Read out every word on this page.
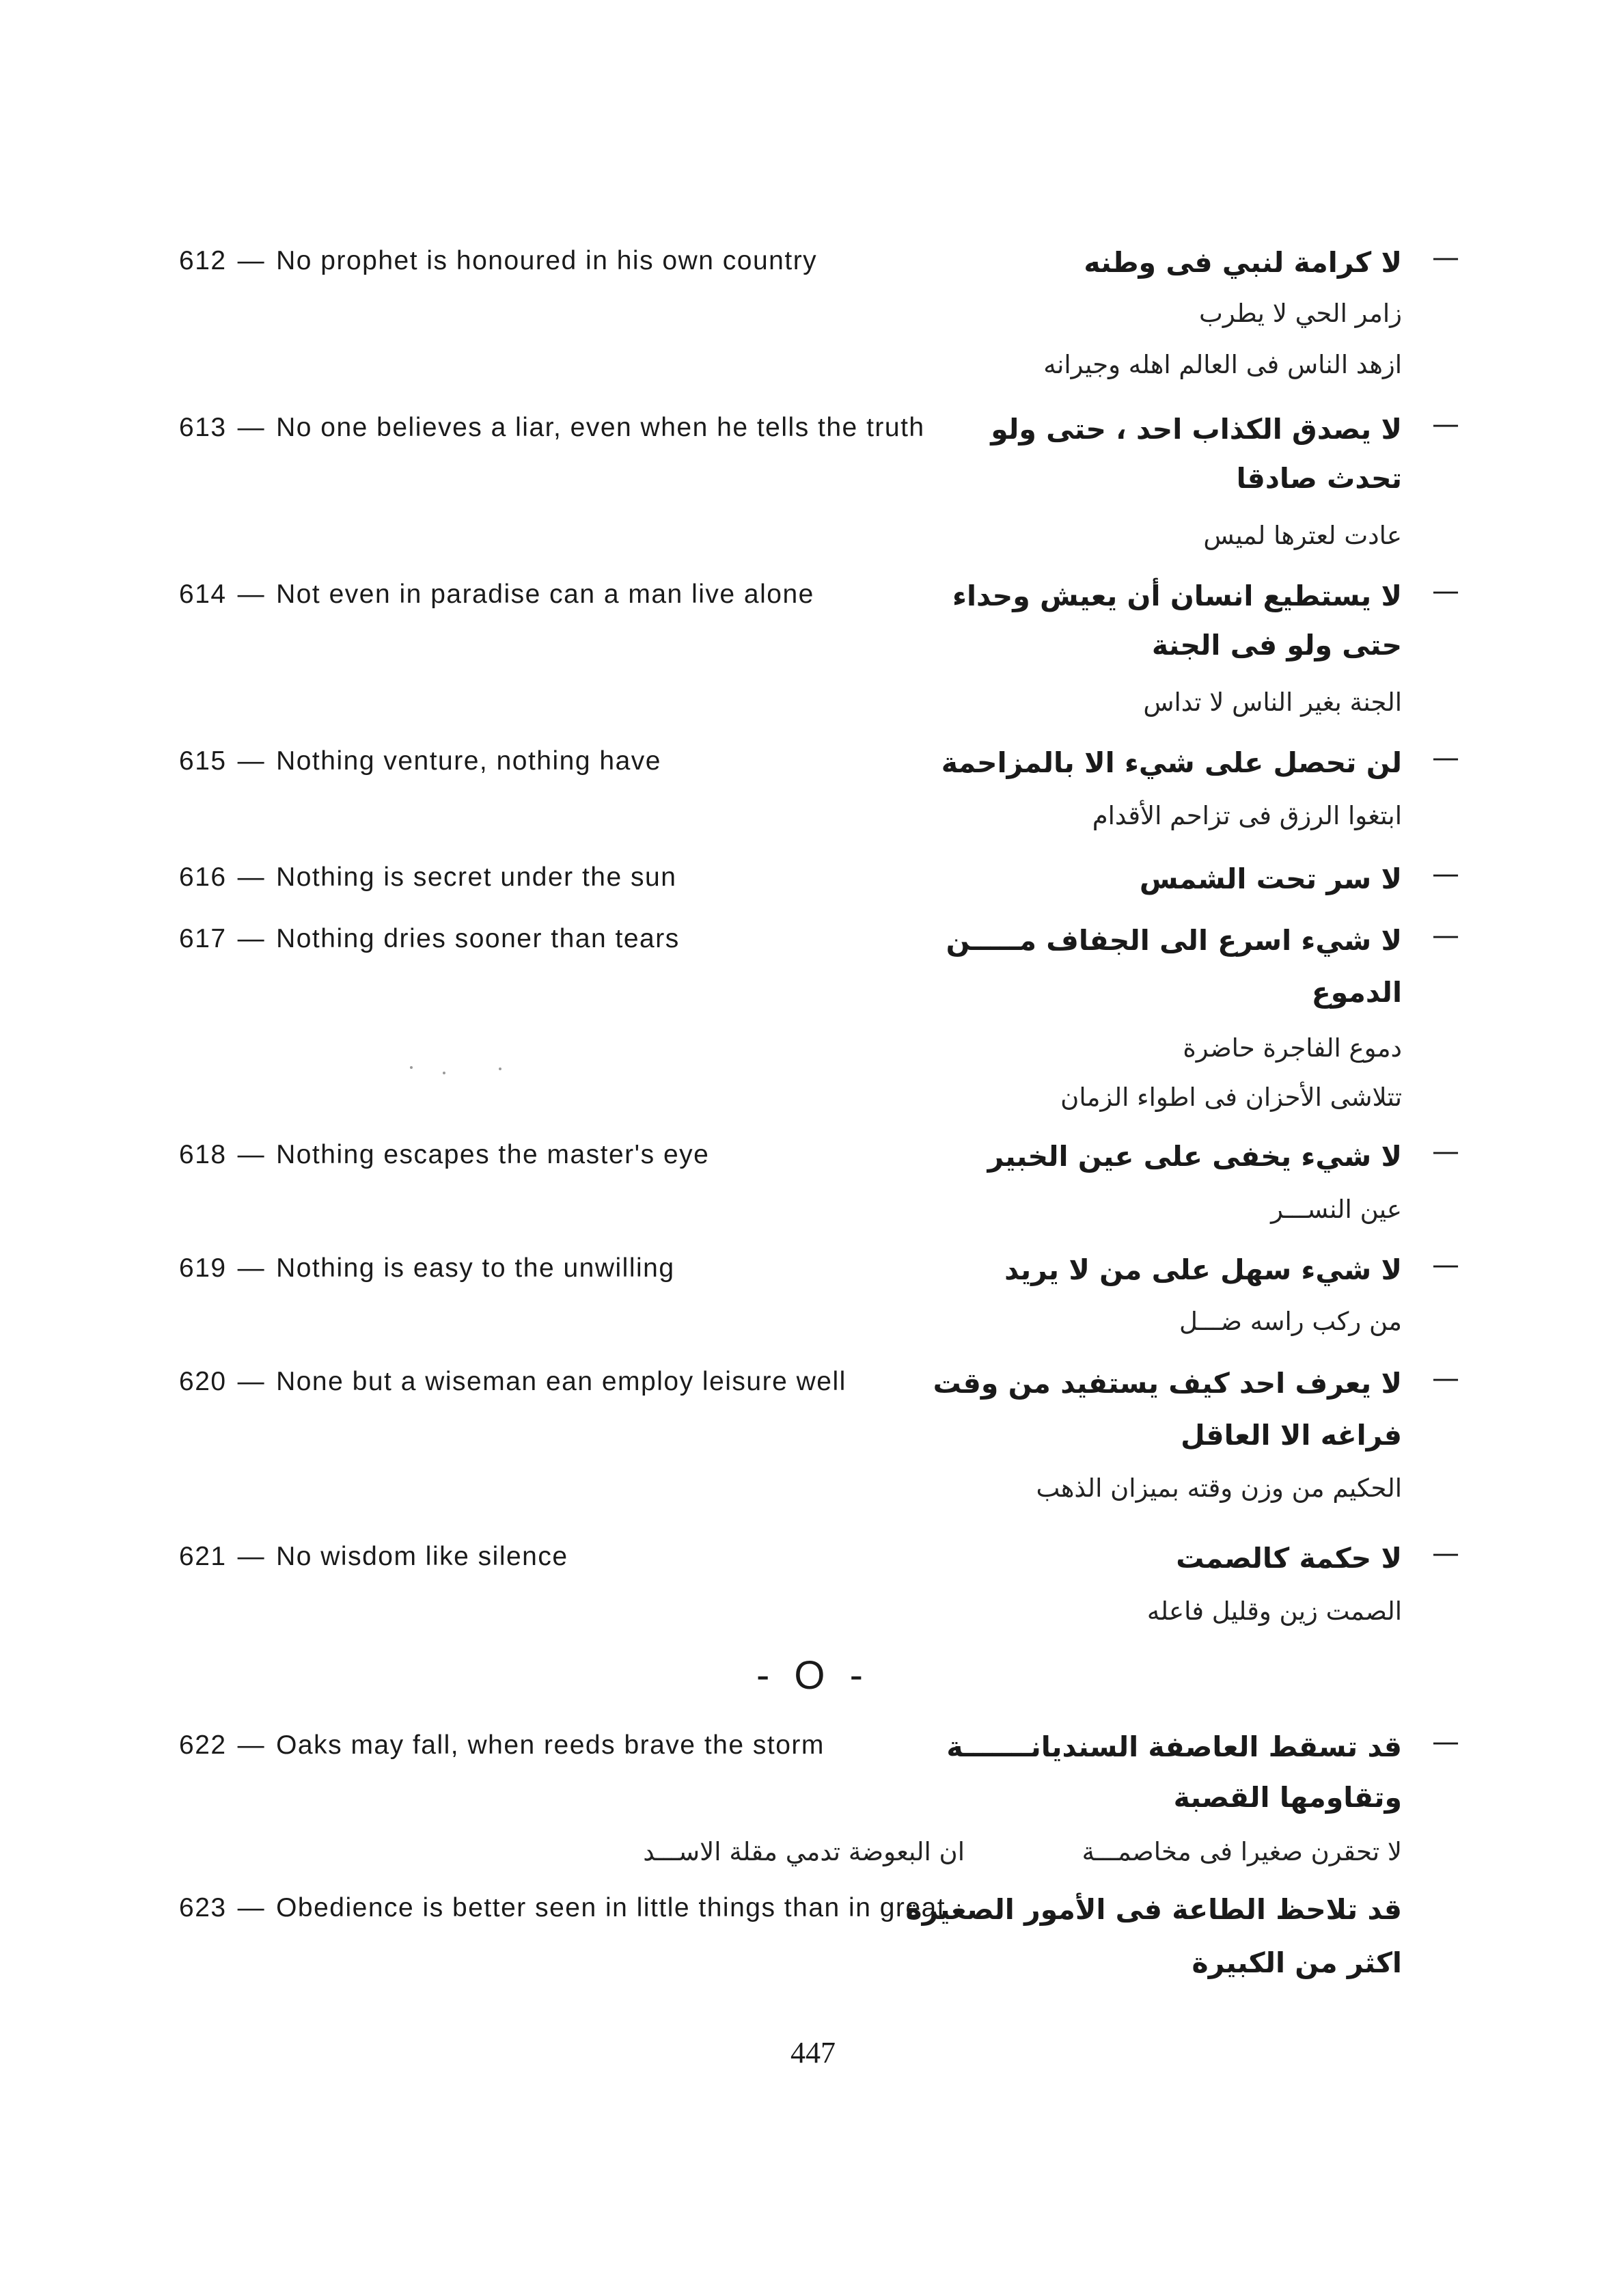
612 — No prophet is honoured in his own country	—
لا كرامة لنبي فى وطنه
زامر الحي لا يطرب
ازهد الناس فى العالم اهله وجيرانه
613 — No one believes a liar, even when he tells the truth	—
لا يصدق الكذاب احد ، حتى ولو
تحدث صادقا
عادت لعترها لميس
614 — Not even in paradise can a man live alone	—
لا يستطيع انسان أن يعيش وحداء
حتى ولو فى الجنة
الجنة بغير الناس لا تداس
615 — Nothing venture, nothing have	—
لن تحصل على شيء الا بالمزاحمة
ابتغوا الرزق فى تزاحم الأقدام
616 — Nothing is secret under the sun	—
لا سر تحت الشمس
617 — Nothing dries sooner than tears	—
لا شيء اسرع الى الجفاف مـــــن
الدموع
دموع الفاجرة حاضرة
تتلاشى الأحزان فى اطواء الزمان
618 — Nothing escapes the master's eye	—
لا شيء يخفى على عين الخبير
عين النســـر
619 — Nothing is easy to the unwilling	—
لا شيء سهل على من لا يريد
من ركب راسه ضـــل
620 — None but a wiseman ean employ leisure well	—
لا يعرف احد كيف يستفيد من وقت
فراغه الا العاقل
الحكيم من وزن وقته بميزان الذهب
621 — No wisdom like silence	—
لا حكمة كالصمت
الصمت زين وقليل فاعله
- O -
622 — Oaks may fall, when reeds brave the storm	—
قد تسقط العاصفة السنديانـــــــة
وتقاومها القصبة
لا تحقرن صغيرا فى مخاصمـــة
ان البعوضة تدمي مقلة الاســـد
623 — Obedience is better seen in little things than in great
قد تلاحظ الطاعة فى الأمور الصغيرة
اكثر من الكبيرة
447
